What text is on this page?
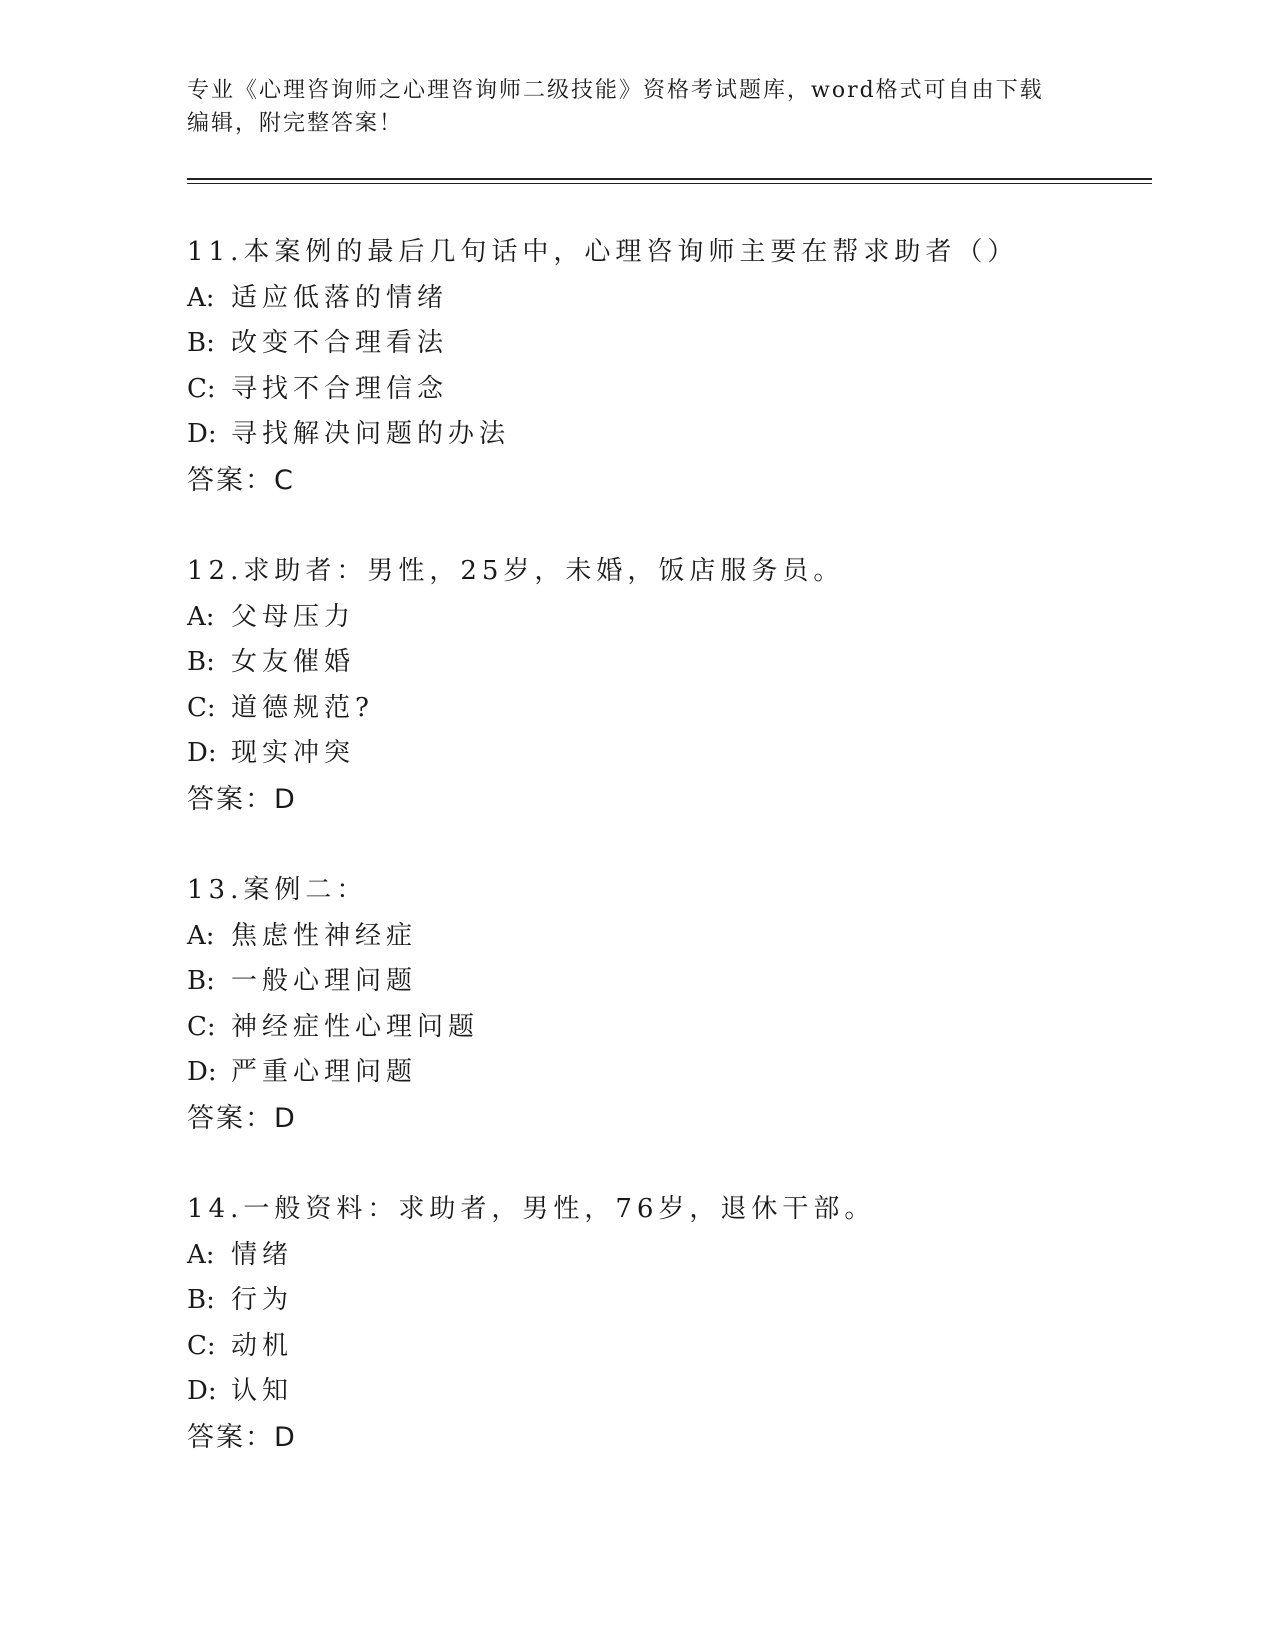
专业《心理咨询师之心理咨询师二级技能》资格考试题库，word格式可自由下载
编辑，附完整答案！
11.本案例的最后几句话中，心理咨询师主要在帮求助者（）
A: 适应低落的情绪
B: 改变不合理看法
C: 寻找不合理信念
D: 寻找解决问题的办法
答案：C
12.求助者：男性，25岁，未婚，饭店服务员。
A: 父母压力
B: 女友催婚
C: 道德规范?
D: 现实冲突
答案：D
13.案例二：
A: 焦虑性神经症
B: 一般心理问题
C: 神经症性心理问题
D: 严重心理问题
答案：D
14.一般资料：求助者，男性，76岁，退休干部。
A: 情绪
B: 行为
C: 动机
D: 认知
答案：D
